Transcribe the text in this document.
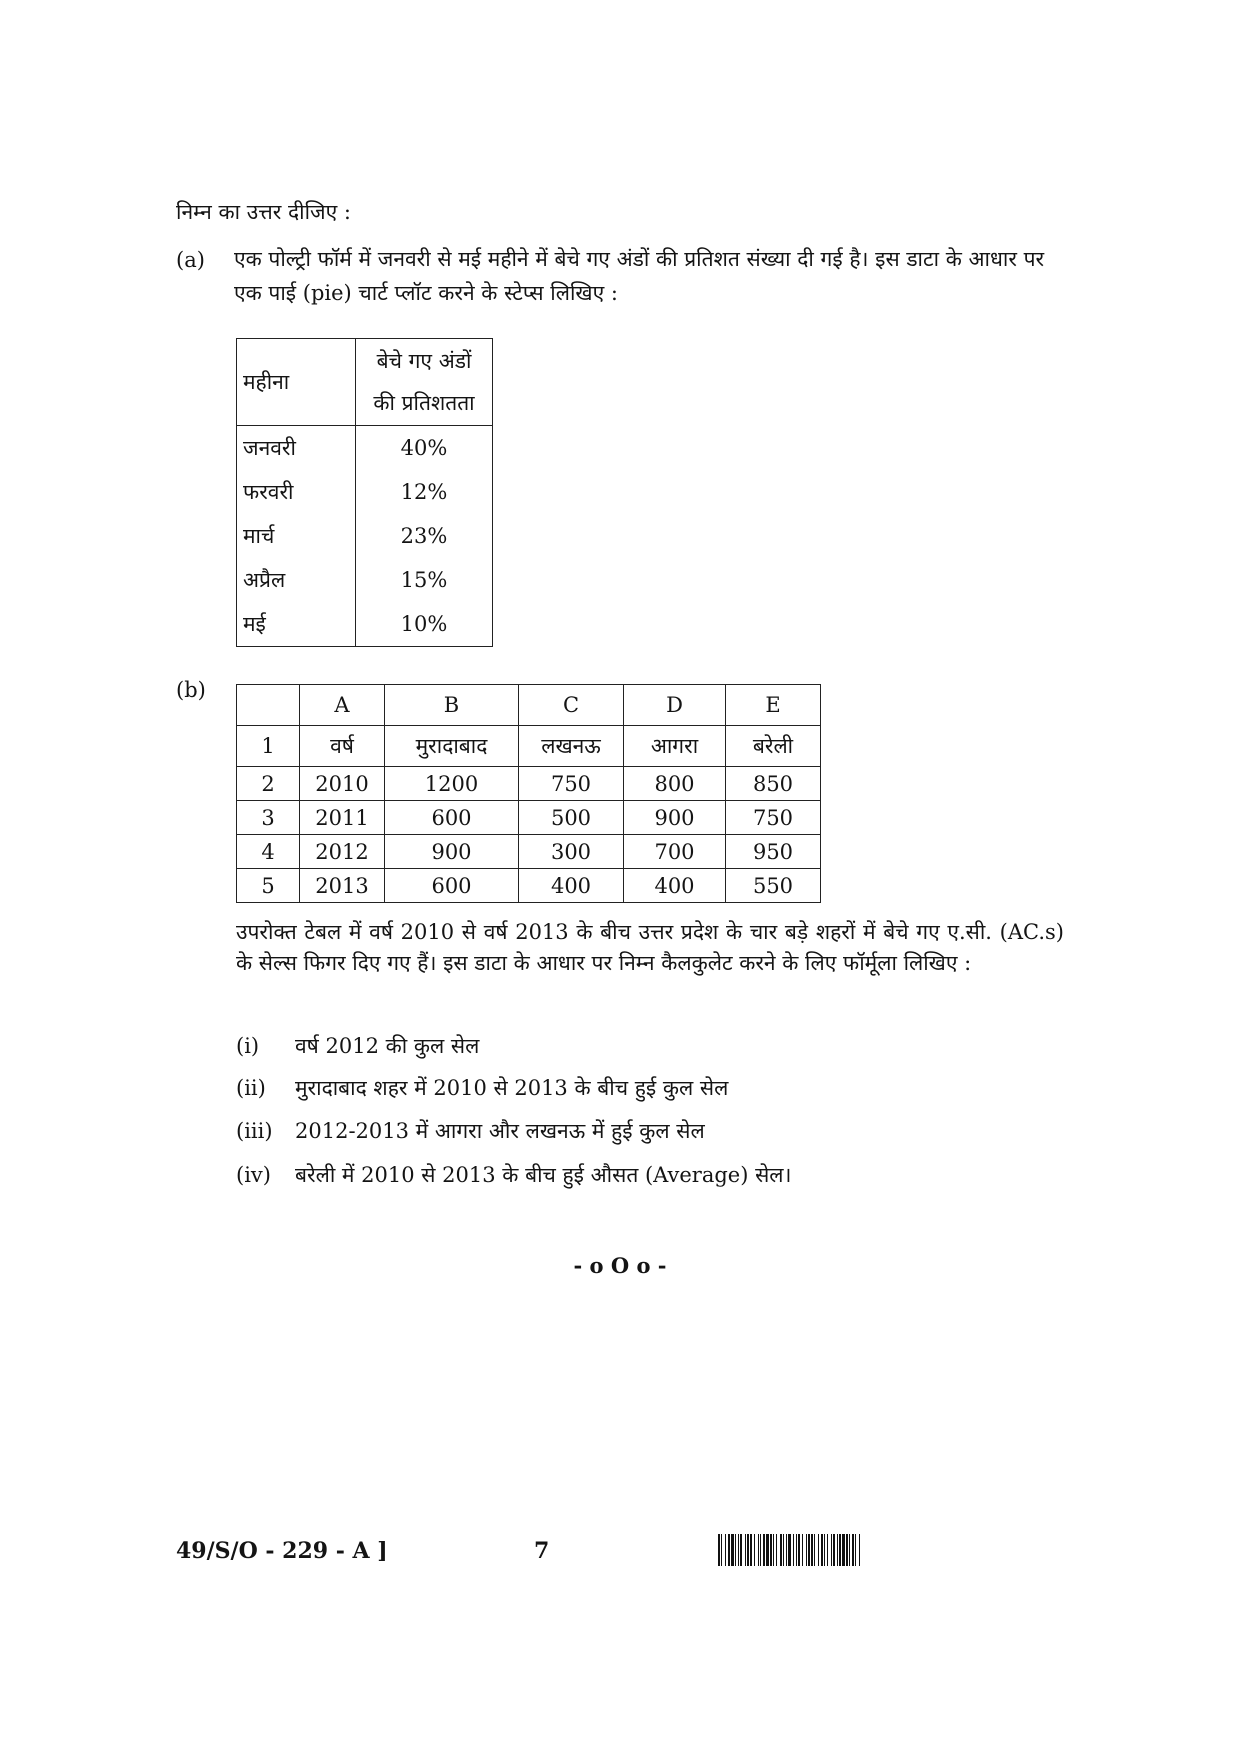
निम्न का उत्तर दीजिए :
(a) एक पोल्ट्री फॉर्म में जनवरी से मई महीने में बेचे गए अंडों की प्रतिशत संख्या दी गई है। इस डाटा के आधार पर एक पाई (pie) चार्ट प्लॉट करने के स्टेप्स लिखिए :
महीना	बेचे गए अंडों
की प्रतिशतता

जनवरी	40%
फरवरी	12%
मार्च	23%
अप्रैल	15%
मई	10%
(b)
	A	B	C	D	E
1	वर्ष	मुरादाबाद	लखनऊ	आगरा	बरेली
2	2010	1200	750	800	850
3	2011	600	500	900	750
4	2012	900	300	700	950
5	2013	600	400	400	550
उपरोक्त टेबल में वर्ष 2010 से वर्ष 2013 के बीच उत्तर प्रदेश के चार बड़े शहरों में बेचे गए ए.सी. (AC.s) के सेल्स फिगर दिए गए हैं। इस डाटा के आधार पर निम्न कैलकुलेट करने के लिए फॉर्मूला लिखिए :
(i) वर्ष 2012 की कुल सेल
(ii) मुरादाबाद शहर में 2010 से 2013 के बीच हुई कुल सेल
(iii) 2012-2013 में आगरा और लखनऊ में हुई कुल सेल
(iv) बरेली में 2010 से 2013 के बीच हुई औसत (Average) सेल।
- o O o -
49/S/O - 229 - A ]	7
